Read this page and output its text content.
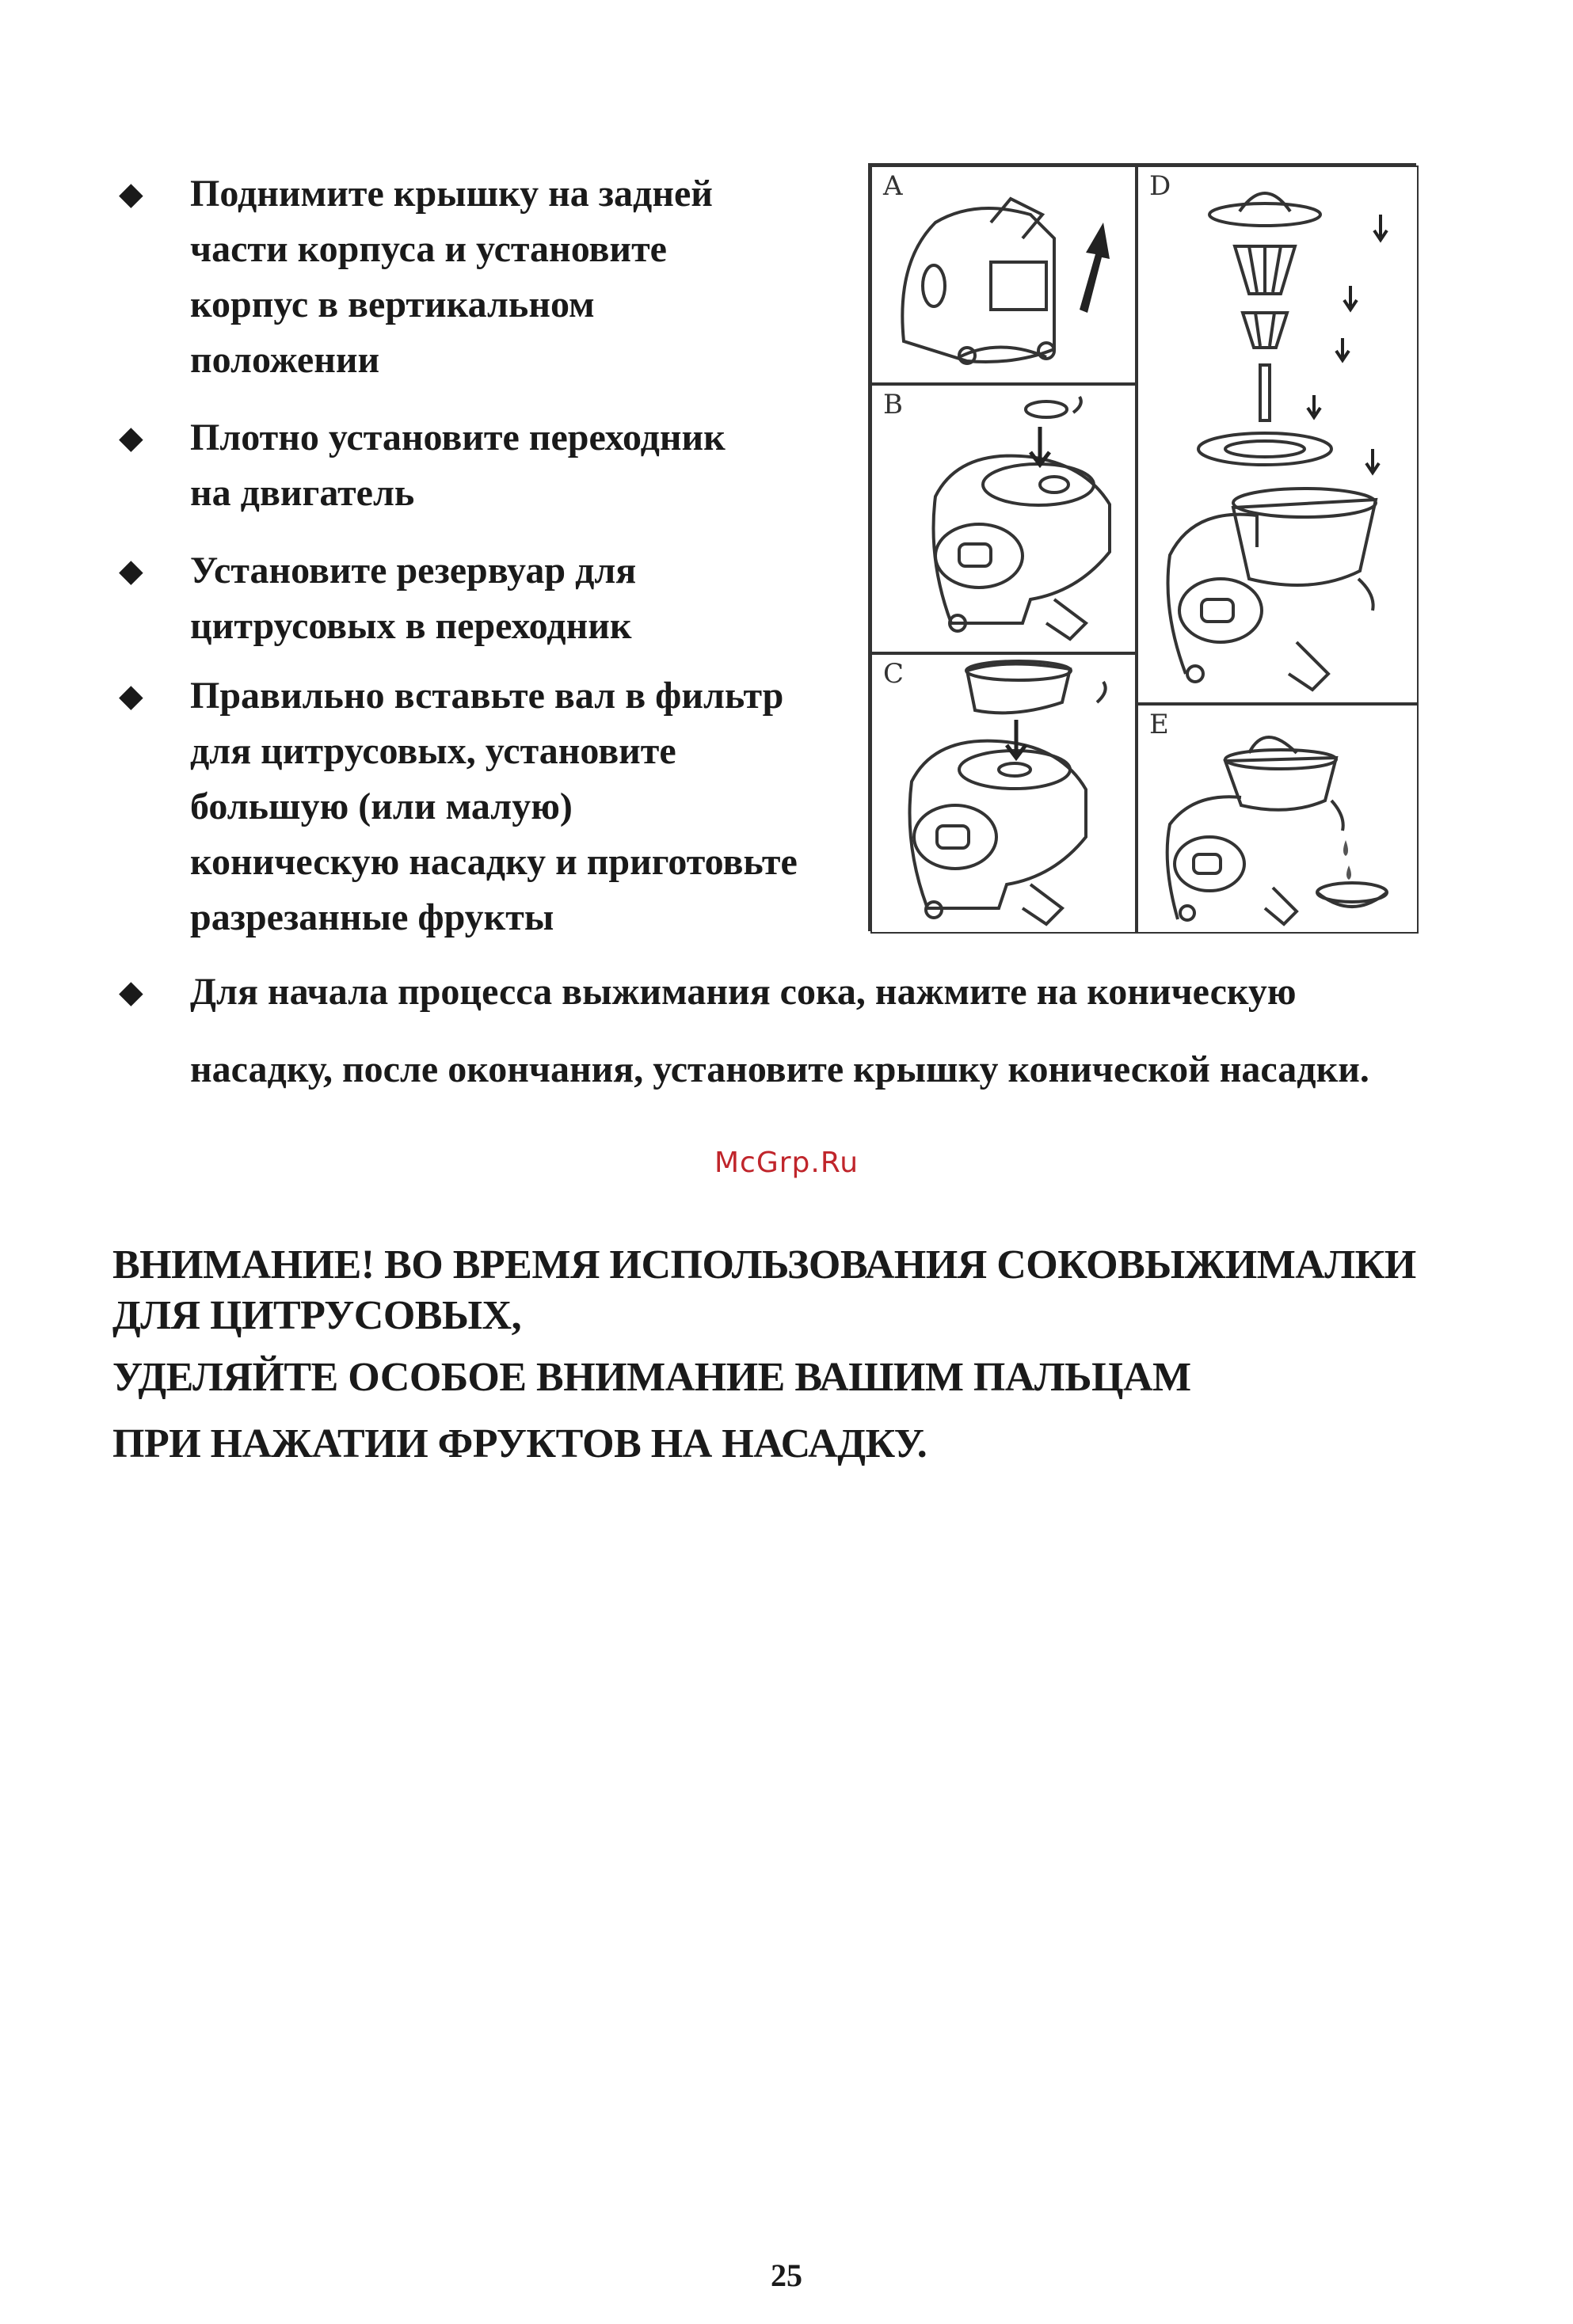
◆ Поднимите крышку на задней
части корпуса и установите
корпус в вертикальном
положении
◆ Плотно установите переходник
на двигатель
◆ Установите резервуар для
цитрусовых в переходник
◆ Правильно вставьте вал в фильтр
для цитрусовых, установите
большую (или малую)
коническую насадку и приготовьте
разрезанные фрукты
◆ Для начала процесса выжимания сока, нажмите на коническую
насадку, после окончания, установите крышку конической насадки.
A
B
C
D
E
McGrp.Ru
ВНИМАНИЕ! ВО ВРЕМЯ ИСПОЛЬЗОВАНИЯ СОКОВЫЖИМАЛКИ
ДЛЯ ЦИТРУСОВЫХ,
УДЕЛЯЙТЕ ОСОБОЕ ВНИМАНИЕ ВАШИМ ПАЛЬЦАМ
ПРИ НАЖАТИИ ФРУКТОВ НА НАСАДКУ.
25
